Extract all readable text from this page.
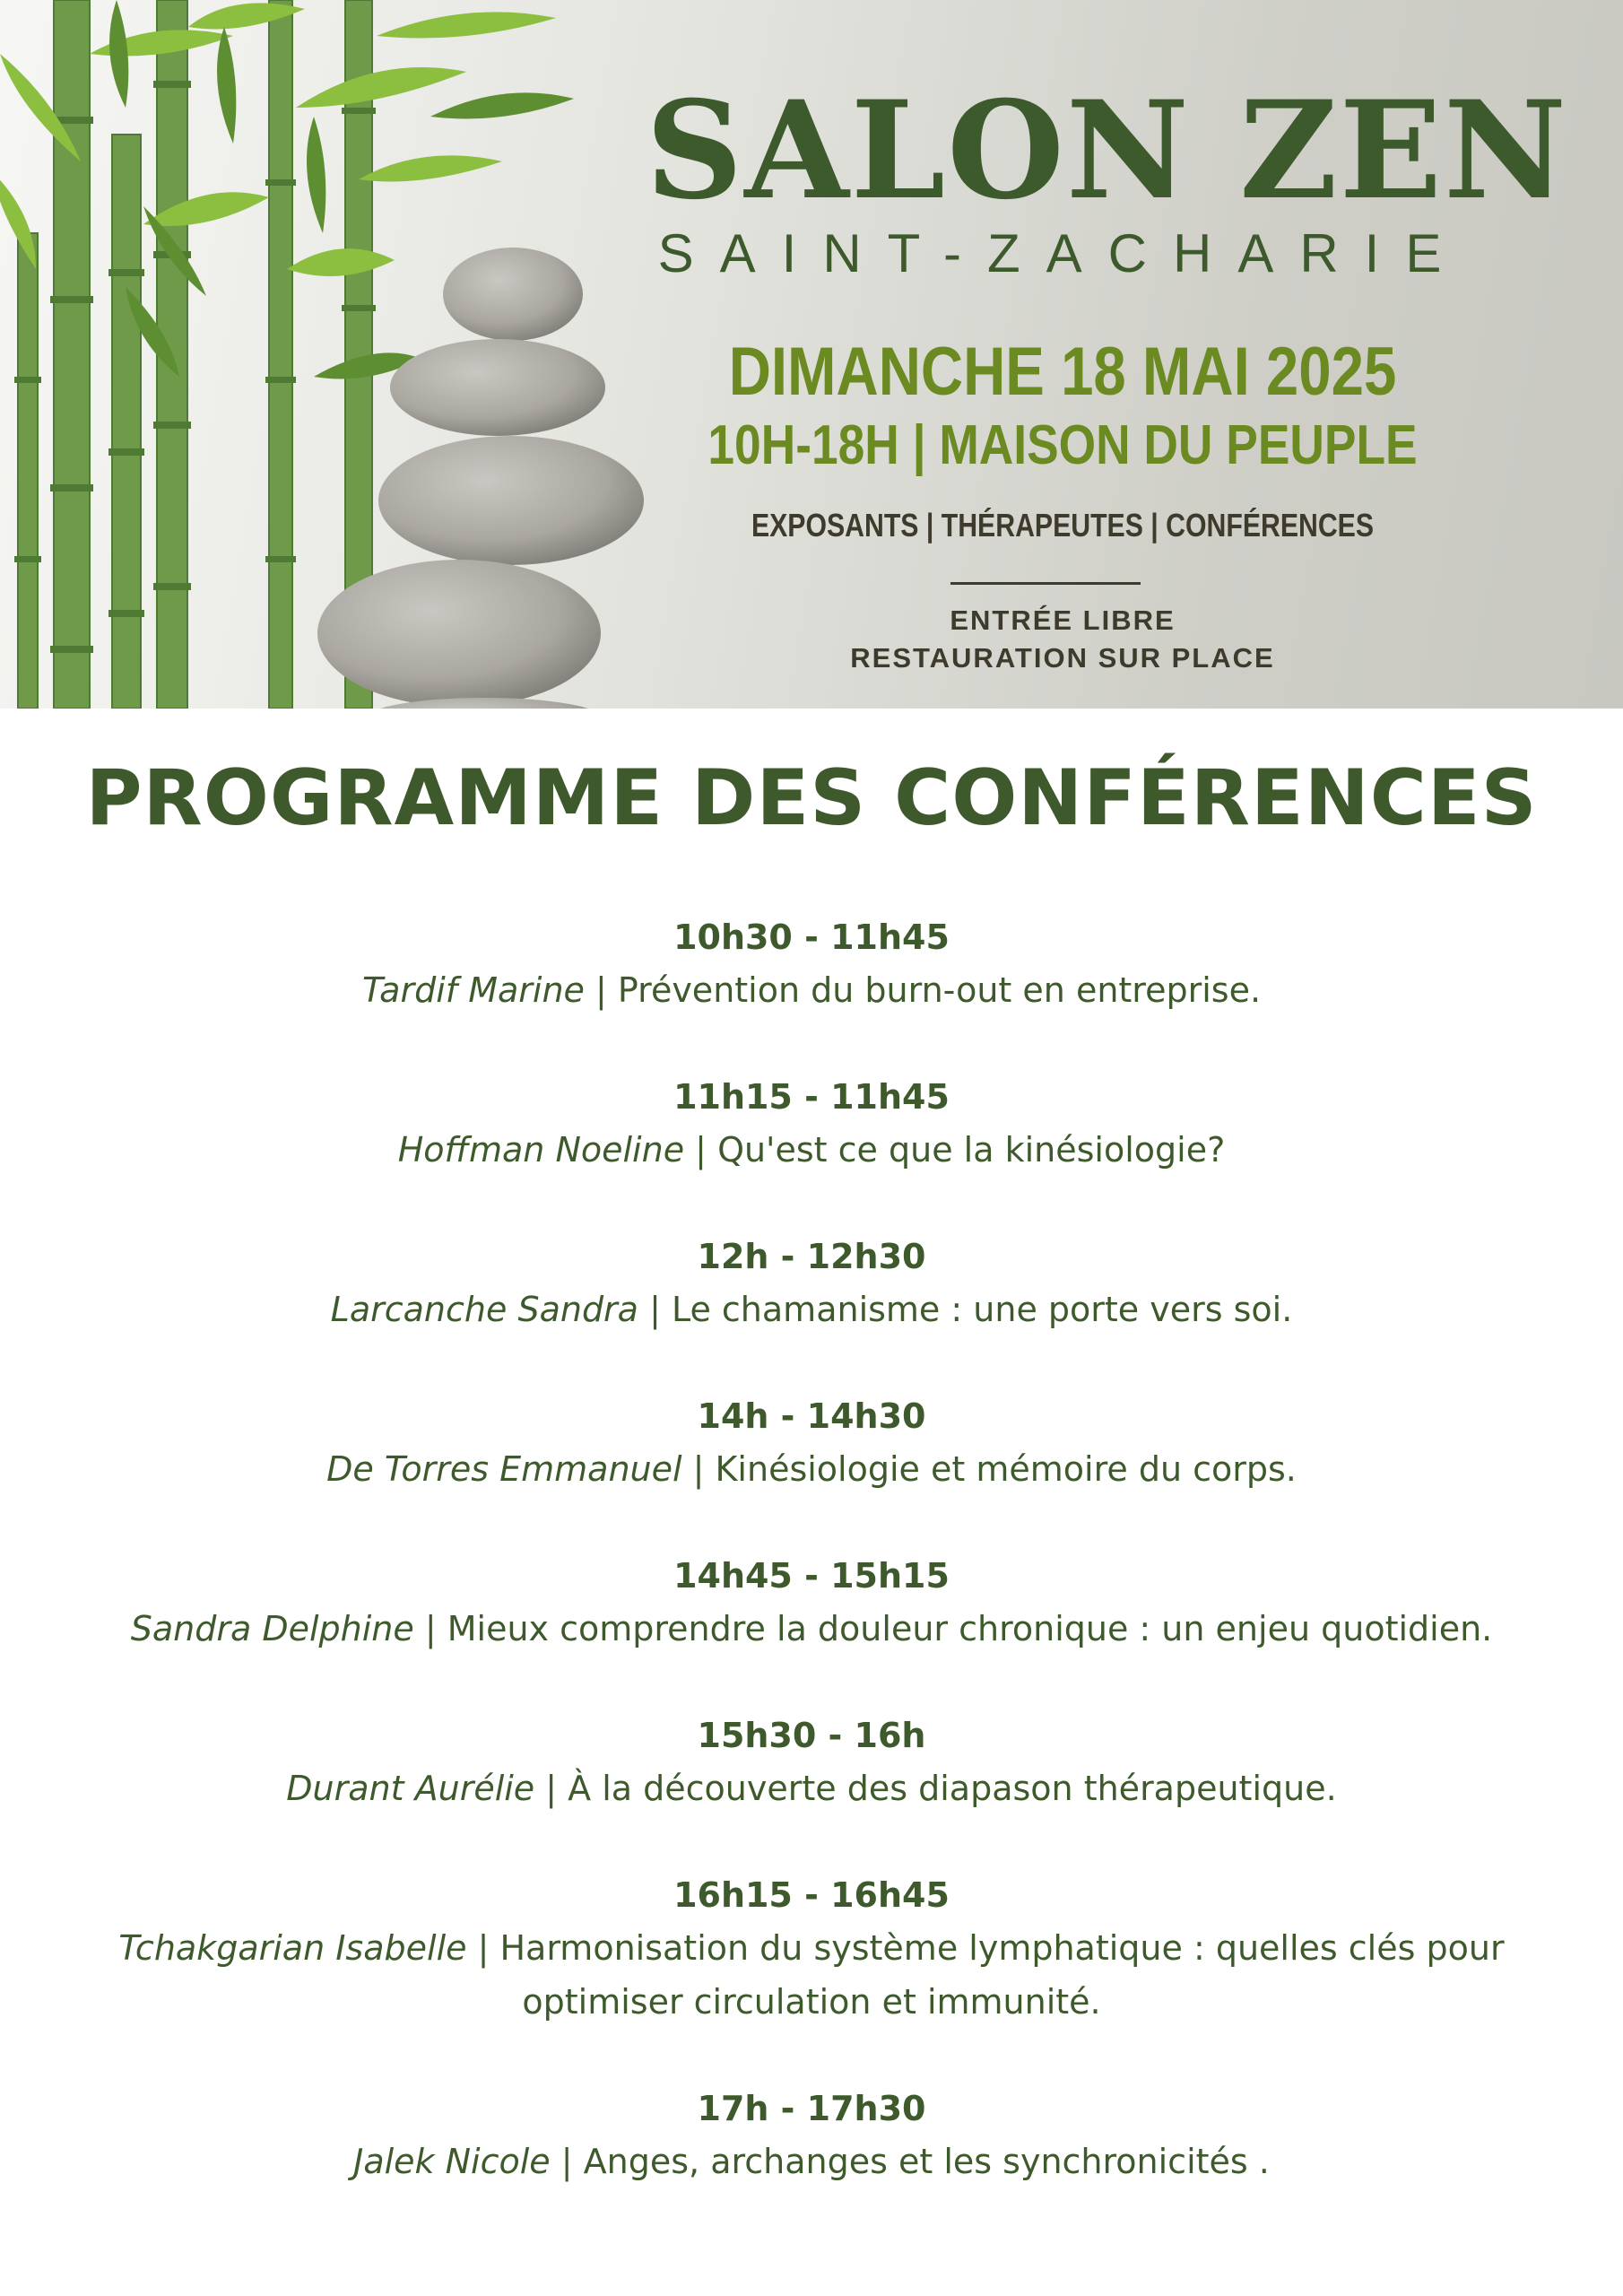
SALON ZEN
SAINT-ZACHARIE
DIMANCHE 18 MAI 2025
10H-18H | MAISON DU PEUPLE
EXPOSANTS | THÉRAPEUTES | CONFÉRENCES
ENTRÉE LIBRE
RESTAURATION SUR PLACE
PROGRAMME DES CONFÉRENCES
10h30 - 11h45
Tardif Marine | Prévention du burn-out en entreprise.
11h15 - 11h45
Hoffman Noeline | Qu'est ce que la kinésiologie?
12h - 12h30
Larcanche Sandra | Le chamanisme : une porte vers soi.
14h - 14h30
De Torres Emmanuel | Kinésiologie et mémoire du corps.
14h45 - 15h15
Sandra Delphine | Mieux comprendre la douleur chronique : un enjeu quotidien.
15h30 - 16h
Durant Aurélie | À la découverte des diapason thérapeutique.
16h15 - 16h45
Tchakgarian Isabelle | Harmonisation du système lymphatique : quelles clés pour optimiser circulation et immunité.
17h - 17h30
Jalek Nicole | Anges, archanges et les synchronicités .
